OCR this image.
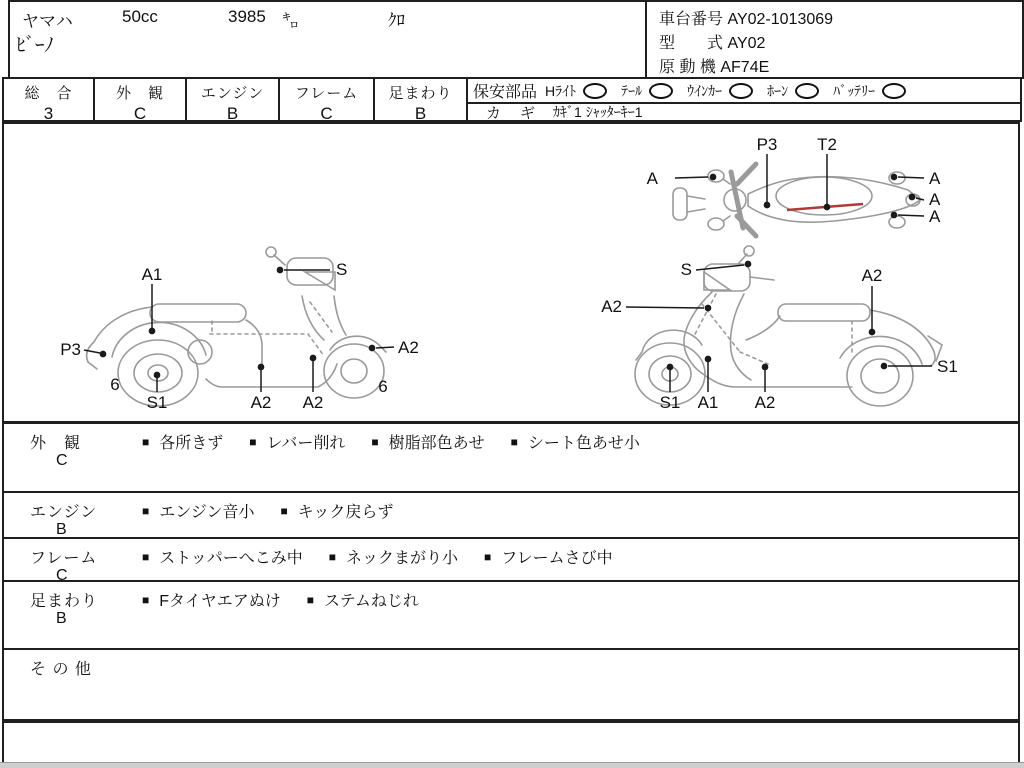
ヤマハ	50cc	3985 ㌔	ｸﾛ
ﾋﾞｰﾉ
車台番号 AY02-1013069
型　　式 AY02
原 動 機 AF74E
総　合
3
外　観
C
エンジン
B
フレーム
C
足まわり
B
保安部品 Hﾗｲﾄ	ﾃｰﾙ	ｳｲﾝｶｰ	ﾎｰﾝ	ﾊﾞｯﾃﾘｰ
カ　ギ ｶｷﾞ1 ｼｬｯﾀｰｷｰ1
A
P3 T2
A
A
A
A1	S
P3	A2
6
S1	A2 A2
6
S
A2
A2
S1
S1 A1 A2
外　観
C
■ 各所きず ■ レバー削れ ■ 樹脂部色あせ ■ シート色あせ小
エンジン
B
■ エンジン音小 ■ キック戻らず
フレーム
C
■ ストッパーへこみ中 ■ ネックまがり小 ■ フレームさび中
足まわり
B
■ Fタイヤエアぬけ ■ ステムねじれ
そ の 他
